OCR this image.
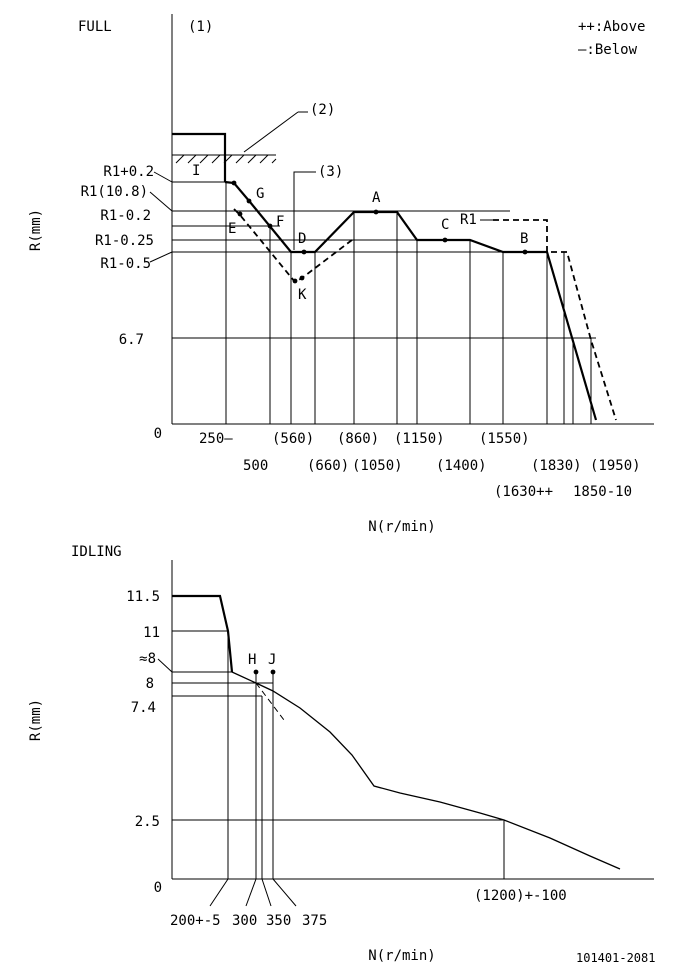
FULL	(1)	++:Above
—:Below
(2)
(3)
R1
A
B
C
D
E	F
G
I
K
R1+0.2
R1(10.8)
R1-0.2
R1-0.25
R1-0.5
6.7
0
R(mm)
250—
500
(560)
(660)
(860)
(1050)
(1150)
(1400)
(1550)
(1630++
(1830)
1850-10
(1950)
N(r/min)
IDLING
H J
11.5
11
≈8
8
7.4
2.5
0
R(mm)
200+-5 300 350 375
(1200)+-100
N(r/min)	101401-2081
